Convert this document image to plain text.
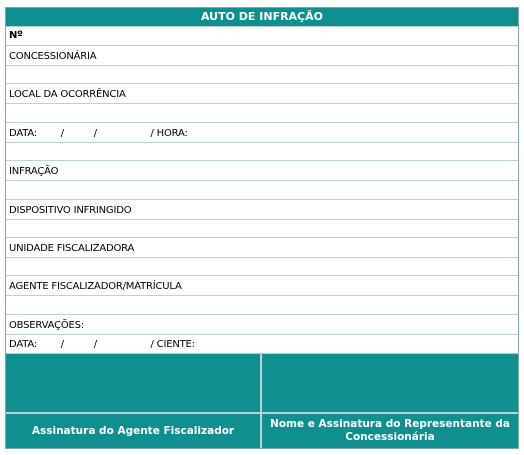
AUTO DE INFRAÇÃO
Nº
CONCESSIONÁRIA
LOCAL DA OCORRÊNCIA
DATA:        /          /                  / HORA:
INFRAÇÃO
DISPOSITIVO INFRINGIDO
UNIDADE FISCALIZADORA
AGENTE FISCALIZADOR/MATRÍCULA
OBSERVAÇÕES:
DATA:        /          /                  / CIENTE:
Assinatura do Agente Fiscalizador
Nome e Assinatura do Representante da Concessionária
